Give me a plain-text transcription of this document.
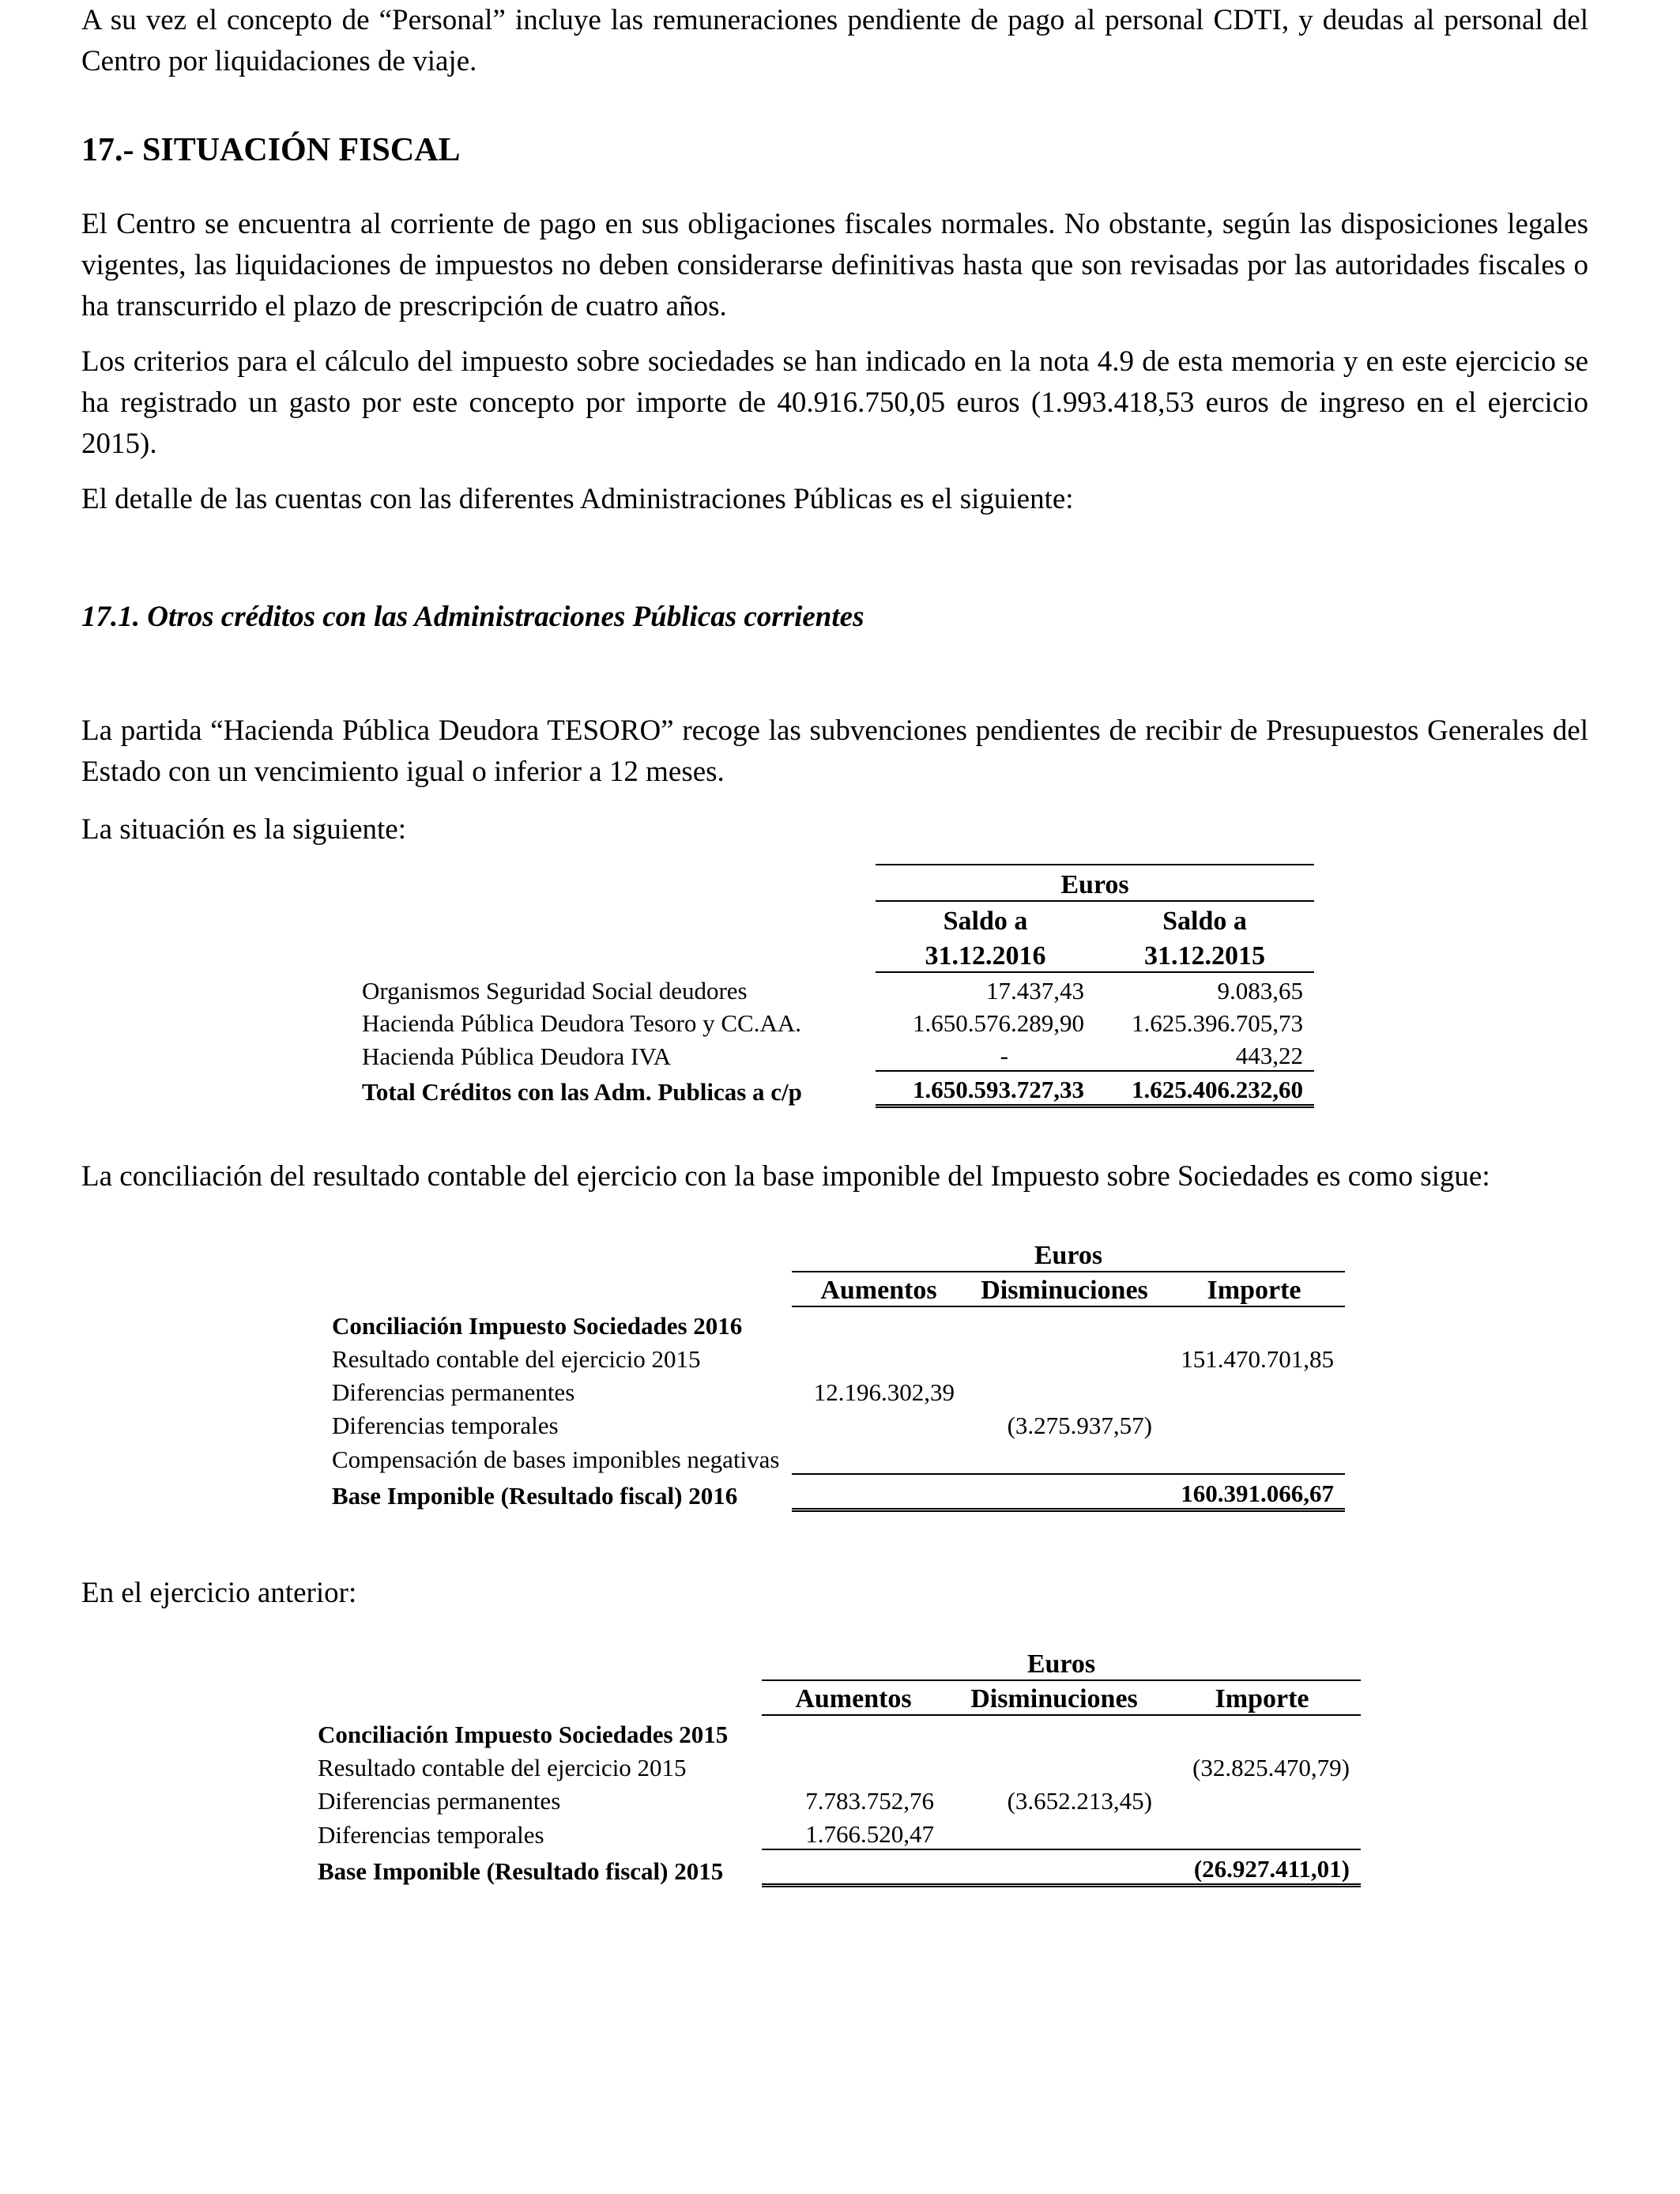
A su vez el concepto de “Personal” incluye las remuneraciones pendiente de pago al personal CDTI, y deudas al personal del Centro por liquidaciones de viaje.

17.- SITUACIÓN FISCAL

El Centro se encuentra al corriente de pago en sus obligaciones fiscales normales. No obstante, según las disposiciones legales vigentes, las liquidaciones de impuestos no deben considerarse definitivas hasta que son revisadas por las autoridades fiscales o ha transcurrido el plazo de prescripción de cuatro años.

Los criterios para el cálculo del impuesto sobre sociedades se han indicado en la nota 4.9 de esta memoria y en este ejercicio se ha registrado un gasto por este concepto por importe de 40.916.750,05 euros (1.993.418,53 euros de ingreso en el ejercicio 2015).

El detalle de las cuentas con las diferentes Administraciones Públicas es el siguiente:

17.1. Otros créditos con las Administraciones Públicas corrientes

La partida “Hacienda Pública Deudora TESORO” recoge las subvenciones pendientes de recibir de Presupuestos Generales del Estado con un vencimiento igual o inferior a 12 meses.

La situación es la siguiente:

	Euros	
	Saldo a	Saldo a
	31.12.2016	31.12.2015
Organismos Seguridad Social deudores	17.437,43	9.083,65
Hacienda Pública Deudora Tesoro y CC.AA.	1.650.576.289,90	1.625.396.705,73
Hacienda Pública Deudora IVA	-	443,22
Total Créditos con las Adm. Publicas a c/p	1.650.593.727,33	1.625.406.232,60

La conciliación del resultado contable del ejercicio con la base imponible del Impuesto sobre Sociedades es como sigue:

	Euros		
	Aumentos	Disminuciones	Importe
Conciliación Impuesto Sociedades 2016			
Resultado contable del ejercicio 2015			151.470.701,85
Diferencias permanentes	12.196.302,39		
Diferencias temporales		(3.275.937,57)	
Compensación de bases imponibles negativas			
Base Imponible (Resultado fiscal) 2016			160.391.066,67

En el ejercicio anterior:

	Euros		
	Aumentos	Disminuciones	Importe
Conciliación Impuesto Sociedades 2015			
Resultado contable del ejercicio 2015			(32.825.470,79)
Diferencias permanentes	7.783.752,76	(3.652.213,45)	
Diferencias temporales	1.766.520,47		
Base Imponible (Resultado fiscal) 2015			(26.927.411,01)
